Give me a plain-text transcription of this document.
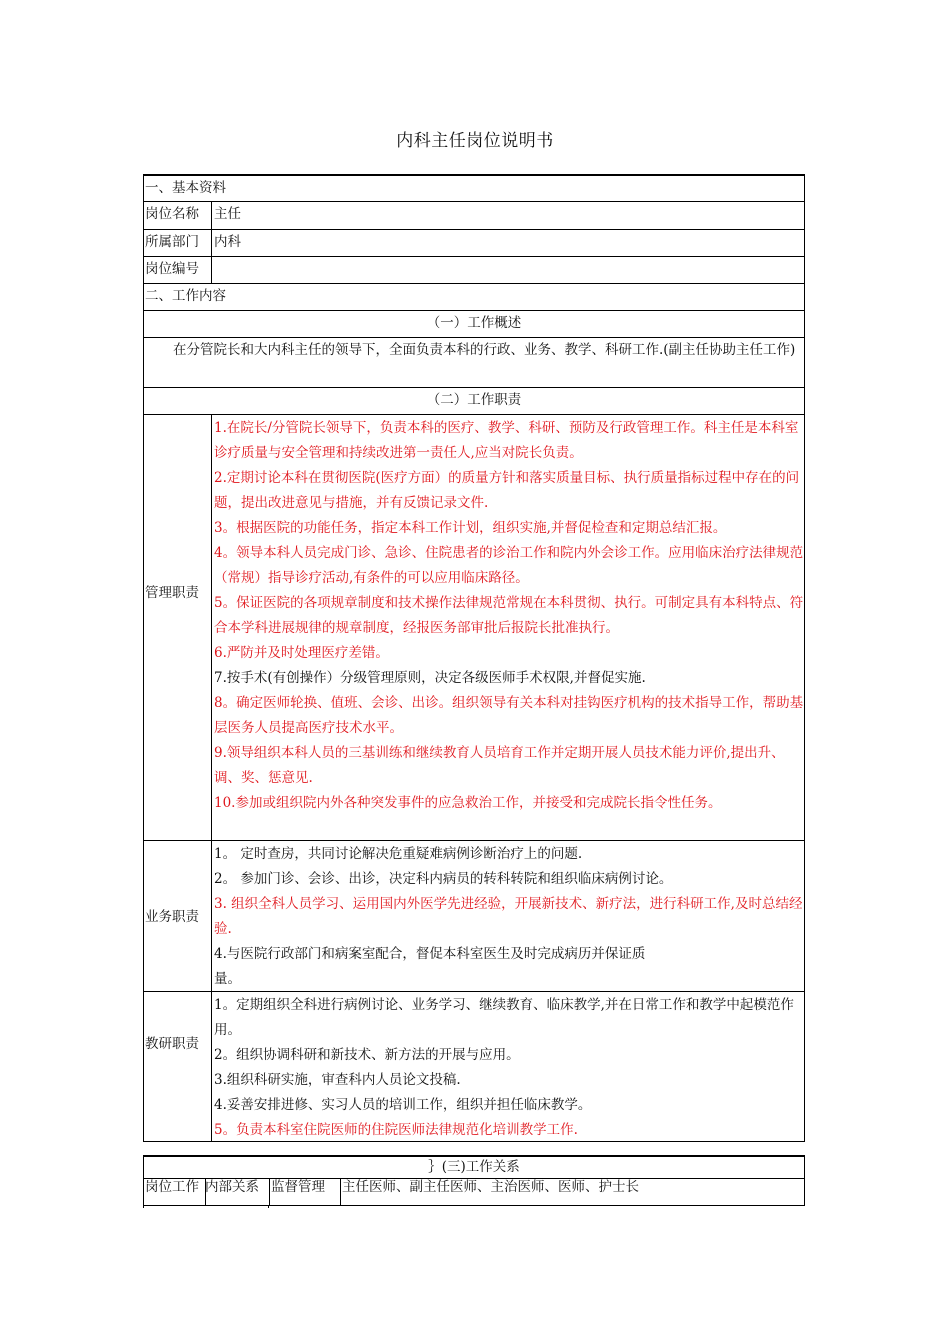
内科主任岗位说明书
一、基本资料
岗位名称	主任
所属部门	内科
岗位编号
二、工作内容
（一）工作概述
在分管院长和大内科主任的领导下，全面负责本科的行政、业务、教学、科研工作.(副主任协助主任工作)
（二）工作职责
管理职责

1.在院长/分管院长领导下，负责本科的医疗、教学、科研、预防及行政管理工作。科主任是本科室诊疗质量与安全管理和持续改进第一责任人,应当对院长负责。

2.定期讨论本科在贯彻医院(医疗方面）的质量方针和落实质量目标、执行质量指标过程中存在的问题，提出改进意见与措施，并有反馈记录文件.

3。根据医院的功能任务，指定本科工作计划，组织实施,并督促检查和定期总结汇报。

4。领导本科人员完成门诊、急诊、住院患者的诊治工作和院内外会诊工作。应用临床治疗法律规范（常规）指导诊疗活动,有条件的可以应用临床路径。

5。保证医院的各项规章制度和技术操作法律规范常规在本科贯彻、执行。可制定具有本科特点、符合本学科进展规律的规章制度，经报医务部审批后报院长批准执行。

6.严防并及时处理医疗差错。

7.按手术(有创操作）分级管理原则，决定各级医师手术权限,并督促实施.

8。确定医师轮换、值班、会诊、出诊。组织领导有关本科对挂钩医疗机构的技术指导工作，帮助基层医务人员提高医疗技术水平。

9.领导组织本科人员的三基训练和继续教育人员培育工作并定期开展人员技术能力评价,提出升、调、奖、惩意见.

10.参加或组织院内外各种突发事件的应急救治工作，并接受和完成院长指令性任务。

业务职责

1。 定时查房，共同讨论解决危重疑难病例诊断治疗上的问题.

2。 参加门诊、会诊、出诊，决定科内病员的转科转院和组织临床病例讨论。

3. 组织全科人员学习、运用国内外医学先进经验，开展新技术、新疗法，进行科研工作,及时总结经验.

4.与医院行政部门和病案室配合，督促本科室医生及时完成病历并保证质量。

教研职责

1。定期组织全科进行病例讨论、业务学习、继续教育、临床教学,并在日常工作和教学中起模范作用。

2。组织协调科研和新技术、新方法的开展与应用。

3.组织科研实施，审查科内人员论文投稿.

4.妥善安排进修、实习人员的培训工作，组织并担任临床教学。

5。负责本科室住院医师的住院医师法律规范化培训教学工作.

｝(三)工作关系
岗位工作 内部关系 监督管理	主任医师、副主任医师、主治医师、医师、护士长
